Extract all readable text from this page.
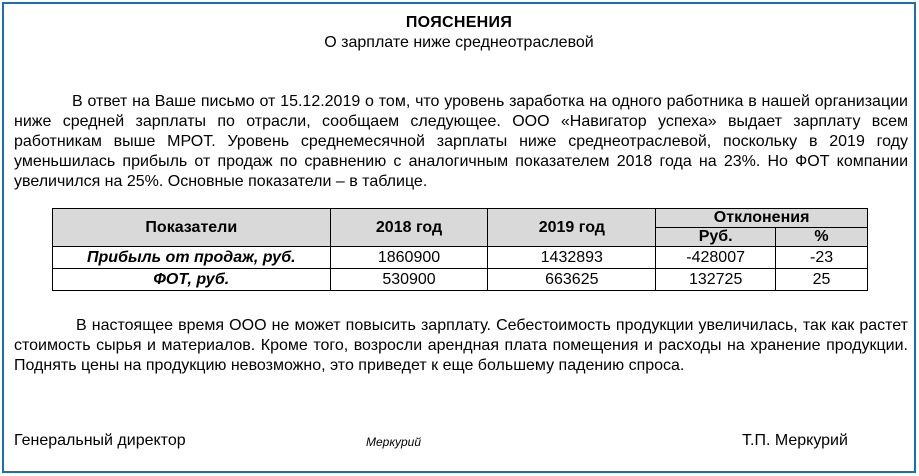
ПОЯСНЕНИЯ
О зарплате ниже среднеотраслевой
В ответ на Ваше письмо от 15.12.2019 о том, что уровень заработка на одного работника в нашей организации ниже средней зарплаты по отрасли, сообщаем следующее. ООО «Навигатор успеха» выдает зарплату всем работникам выше МРОТ. Уровень среднемесячной зарплаты ниже среднеотраслевой, поскольку в 2019 году уменьшилась прибыль от продаж по сравнению с аналогичным показателем 2018 года на 23%. Но ФОТ компании увеличился на 25%. Основные показатели – в таблице.
Показатели	2018 год	2019 год	Отклонения	
			Руб.	%
Прибыль от продаж, руб.	1860900	1432893	-428007	-23
ФОТ, руб.	530900	663625	132725	25
В настоящее время ООО не может повысить зарплату. Себестоимость продукции увеличилась, так как растет стоимость сырья и материалов. Кроме того, возросли арендная плата помещения и расходы на хранение продукции. Поднять цены на продукцию невозможно, это приведет к еще большему падению спроса.
Генеральный директор	Меркурий	Т.П. Меркурий
